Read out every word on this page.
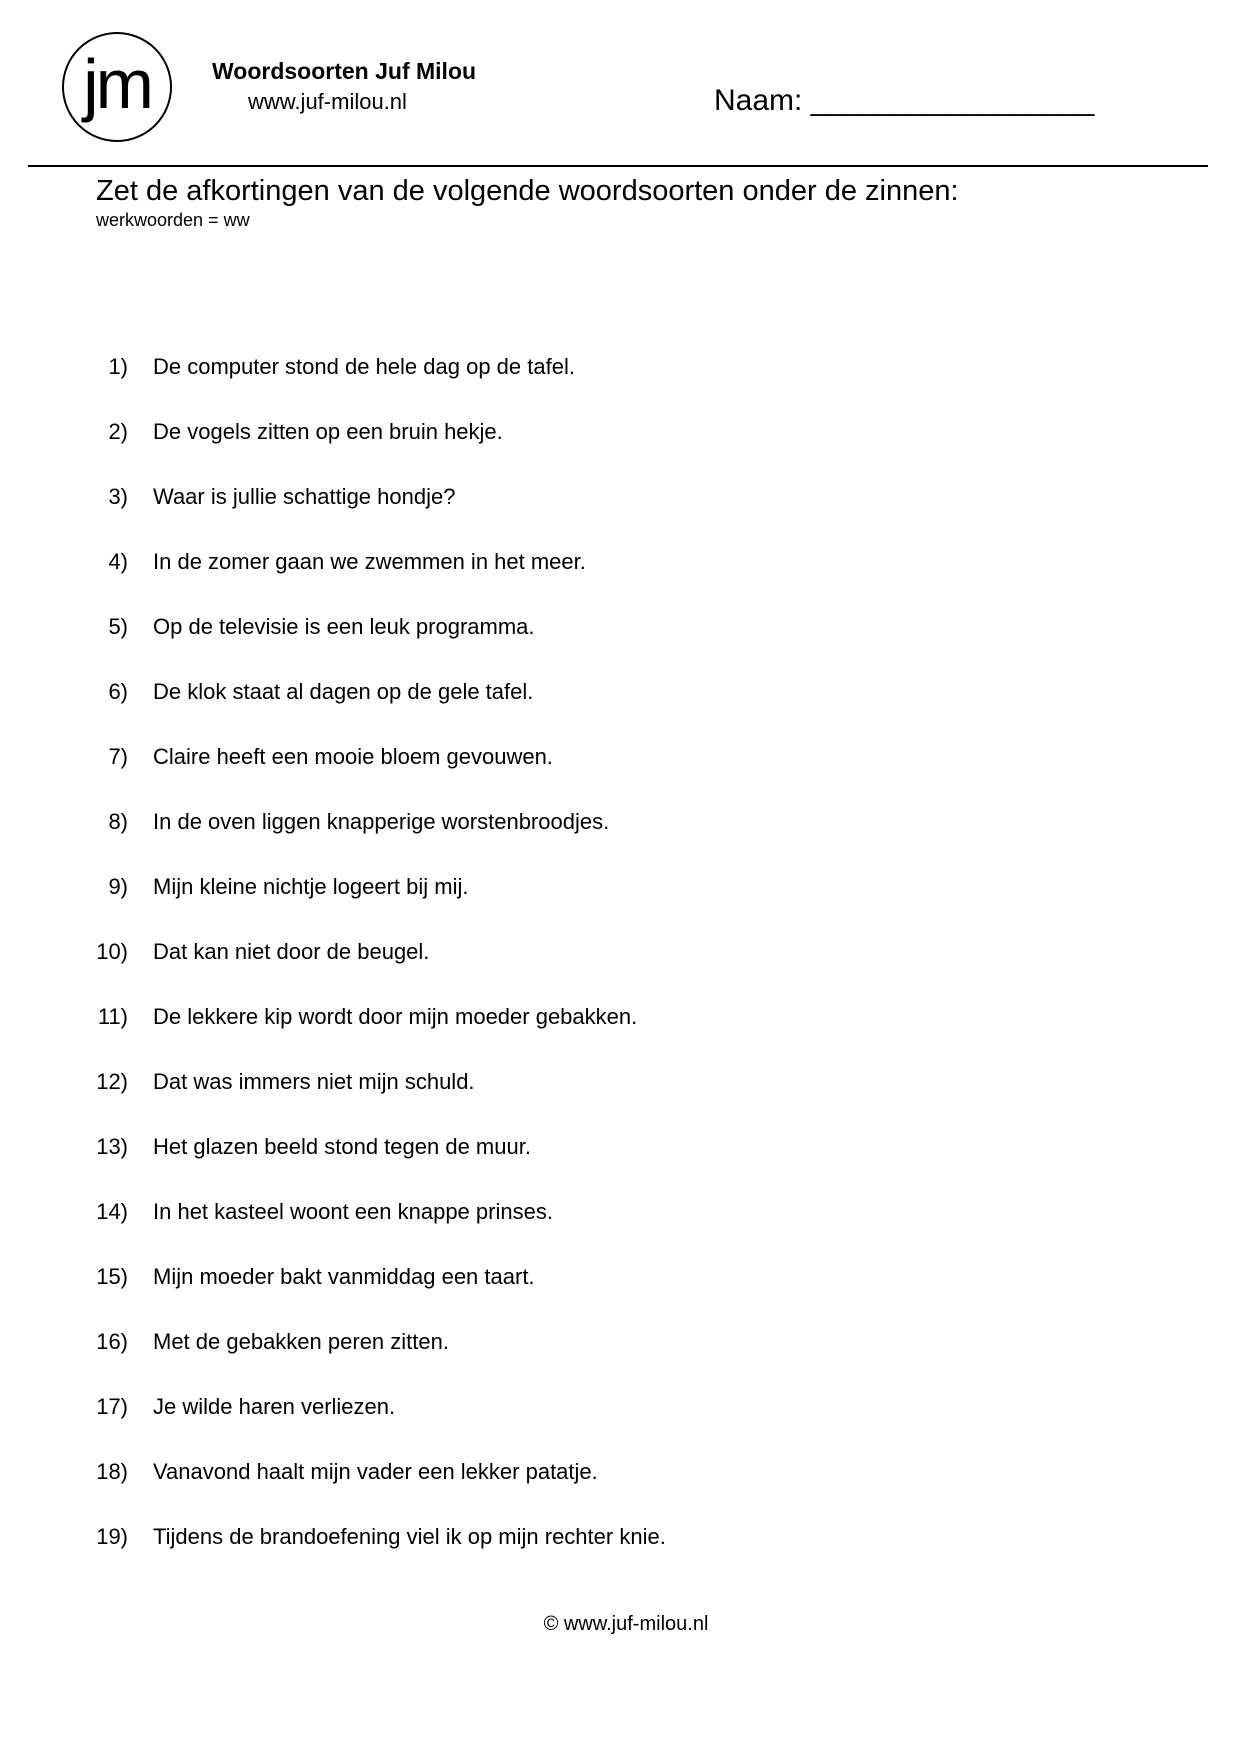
jm	Woordsoorten Juf Milou
www.juf-milou.nl	Naam: _________________
Zet de afkortingen van de volgende woordsoorten onder de zinnen:
werkwoorden = ww
1) De computer stond de hele dag op de tafel.
2) De vogels zitten op een bruin hekje.
3) Waar is jullie schattige hondje?
4) In de zomer gaan we zwemmen in het meer.
5) Op de televisie is een leuk programma.
6) De klok staat al dagen op de gele tafel.
7) Claire heeft een mooie bloem gevouwen.
8) In de oven liggen knapperige worstenbroodjes.
9) Mijn kleine nichtje logeert bij mij.
10) Dat kan niet door de beugel.
11) De lekkere kip wordt door mijn moeder gebakken.
12) Dat was immers niet mijn schuld.
13) Het glazen beeld stond tegen de muur.
14) In het kasteel woont een knappe prinses.
15) Mijn moeder bakt vanmiddag een taart.
16) Met de gebakken peren zitten.
17) Je wilde haren verliezen.
18) Vanavond haalt mijn vader een lekker patatje.
19) Tijdens de brandoefening viel ik op mijn rechter knie.
© www.juf-milou.nl
